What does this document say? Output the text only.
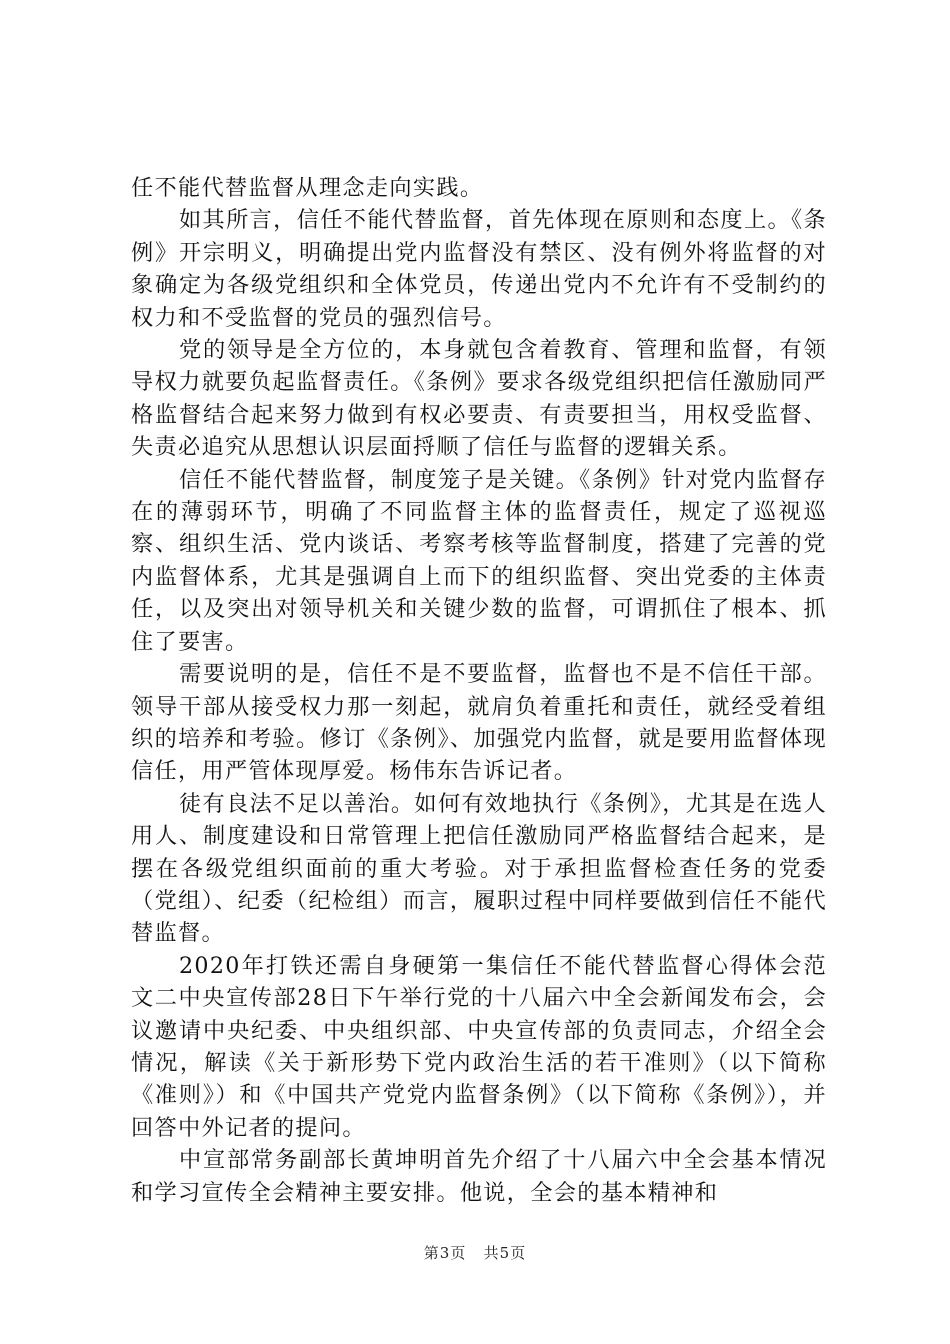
任不能代替监督从理念走向实践。

如其所言，信任不能代替监督，首先体现在原则和态度上。《条例》开宗明义，明确提出党内监督没有禁区、没有例外将监督的对象确定为各级党组织和全体党员，传递出党内不允许有不受制约的权力和不受监督的党员的强烈信号。

党的领导是全方位的，本身就包含着教育、管理和监督，有领导权力就要负起监督责任。《条例》要求各级党组织把信任激励同严格监督结合起来努力做到有权必要责、有责要担当，用权受监督、失责必追究从思想认识层面捋顺了信任与监督的逻辑关系。

信任不能代替监督，制度笼子是关键。《条例》针对党内监督存在的薄弱环节，明确了不同监督主体的监督责任，规定了巡视巡察、组织生活、党内谈话、考察考核等监督制度，搭建了完善的党内监督体系，尤其是强调自上而下的组织监督、突出党委的主体责任，以及突出对领导机关和关键少数的监督，可谓抓住了根本、抓住了要害。

需要说明的是，信任不是不要监督，监督也不是不信任干部。领导干部从接受权力那一刻起，就肩负着重托和责任，就经受着组织的培养和考验。修订《条例》、加强党内监督，就是要用监督体现信任，用严管体现厚爱。杨伟东告诉记者。

徒有良法不足以善治。如何有效地执行《条例》，尤其是在选人用人、制度建设和日常管理上把信任激励同严格监督结合起来，是摆在各级党组织面前的重大考验。对于承担监督检查任务的党委（党组）、纪委（纪检组）而言，履职过程中同样要做到信任不能代替监督。

2020年打铁还需自身硬第一集信任不能代替监督心得体会范文二中央宣传部28日下午举行党的十八届六中全会新闻发布会，会议邀请中央纪委、中央组织部、中央宣传部的负责同志，介绍全会情况，解读《关于新形势下党内政治生活的若干准则》（以下简称《准则》）和《中国共产党党内监督条例》（以下简称《条例》），并回答中外记者的提问。

中宣部常务副部长黄坤明首先介绍了十八届六中全会基本情况和学习宣传全会精神主要安排。他说，全会的基本精神和

第3页 共5页
